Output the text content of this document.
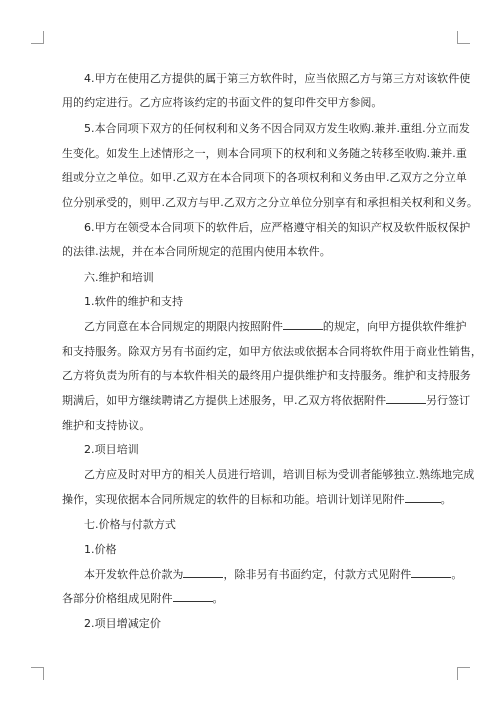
4.甲方在使用乙方提供的属于第三方软件时，应当依照乙方与第三方对该软件使
用的约定进行。乙方应将该约定的书面文件的复印件交甲方参阅。
5.本合同项下双方的任何权利和义务不因合同双方发生收购.兼并.重组.分立而发
生变化。如发生上述情形之一，则本合同项下的权利和义务随之转移至收购.兼并.重
组或分立之单位。如甲.乙双方在本合同项下的各项权利和义务由甲.乙双方之分立单
位分别承受的，则甲.乙双方与甲.乙双方之分立单位分别享有和承担相关权利和义务。
6.甲方在领受本合同项下的软件后，应严格遵守相关的知识产权及软件版权保护
的法律.法规，并在本合同所规定的范围内使用本软件。
六.维护和培训
1.软件的维护和支持
乙方同意在本合同规定的期限内按照附件	的规定，向甲方提供软件维护
和支持服务。除双方另有书面约定，如甲方依法或依据本合同将软件用于商业性销售，
乙方将负责为所有的与本软件相关的最终用户提供维护和支持服务。维护和支持服务
期满后，如甲方继续聘请乙方提供上述服务，甲.乙双方将依据附件	另行签订
维护和支持协议。
2.项目培训
乙方应及时对甲方的相关人员进行培训，培训目标为受训者能够独立.熟练地完成
操作，实现依据本合同所规定的软件的目标和功能。培训计划详见附件	。
七.价格与付款方式
1.价格
本开发软件总价款为	，除非另有书面约定，付款方式见附件	。
各部分价格组成见附件	。
2.项目增减定价
